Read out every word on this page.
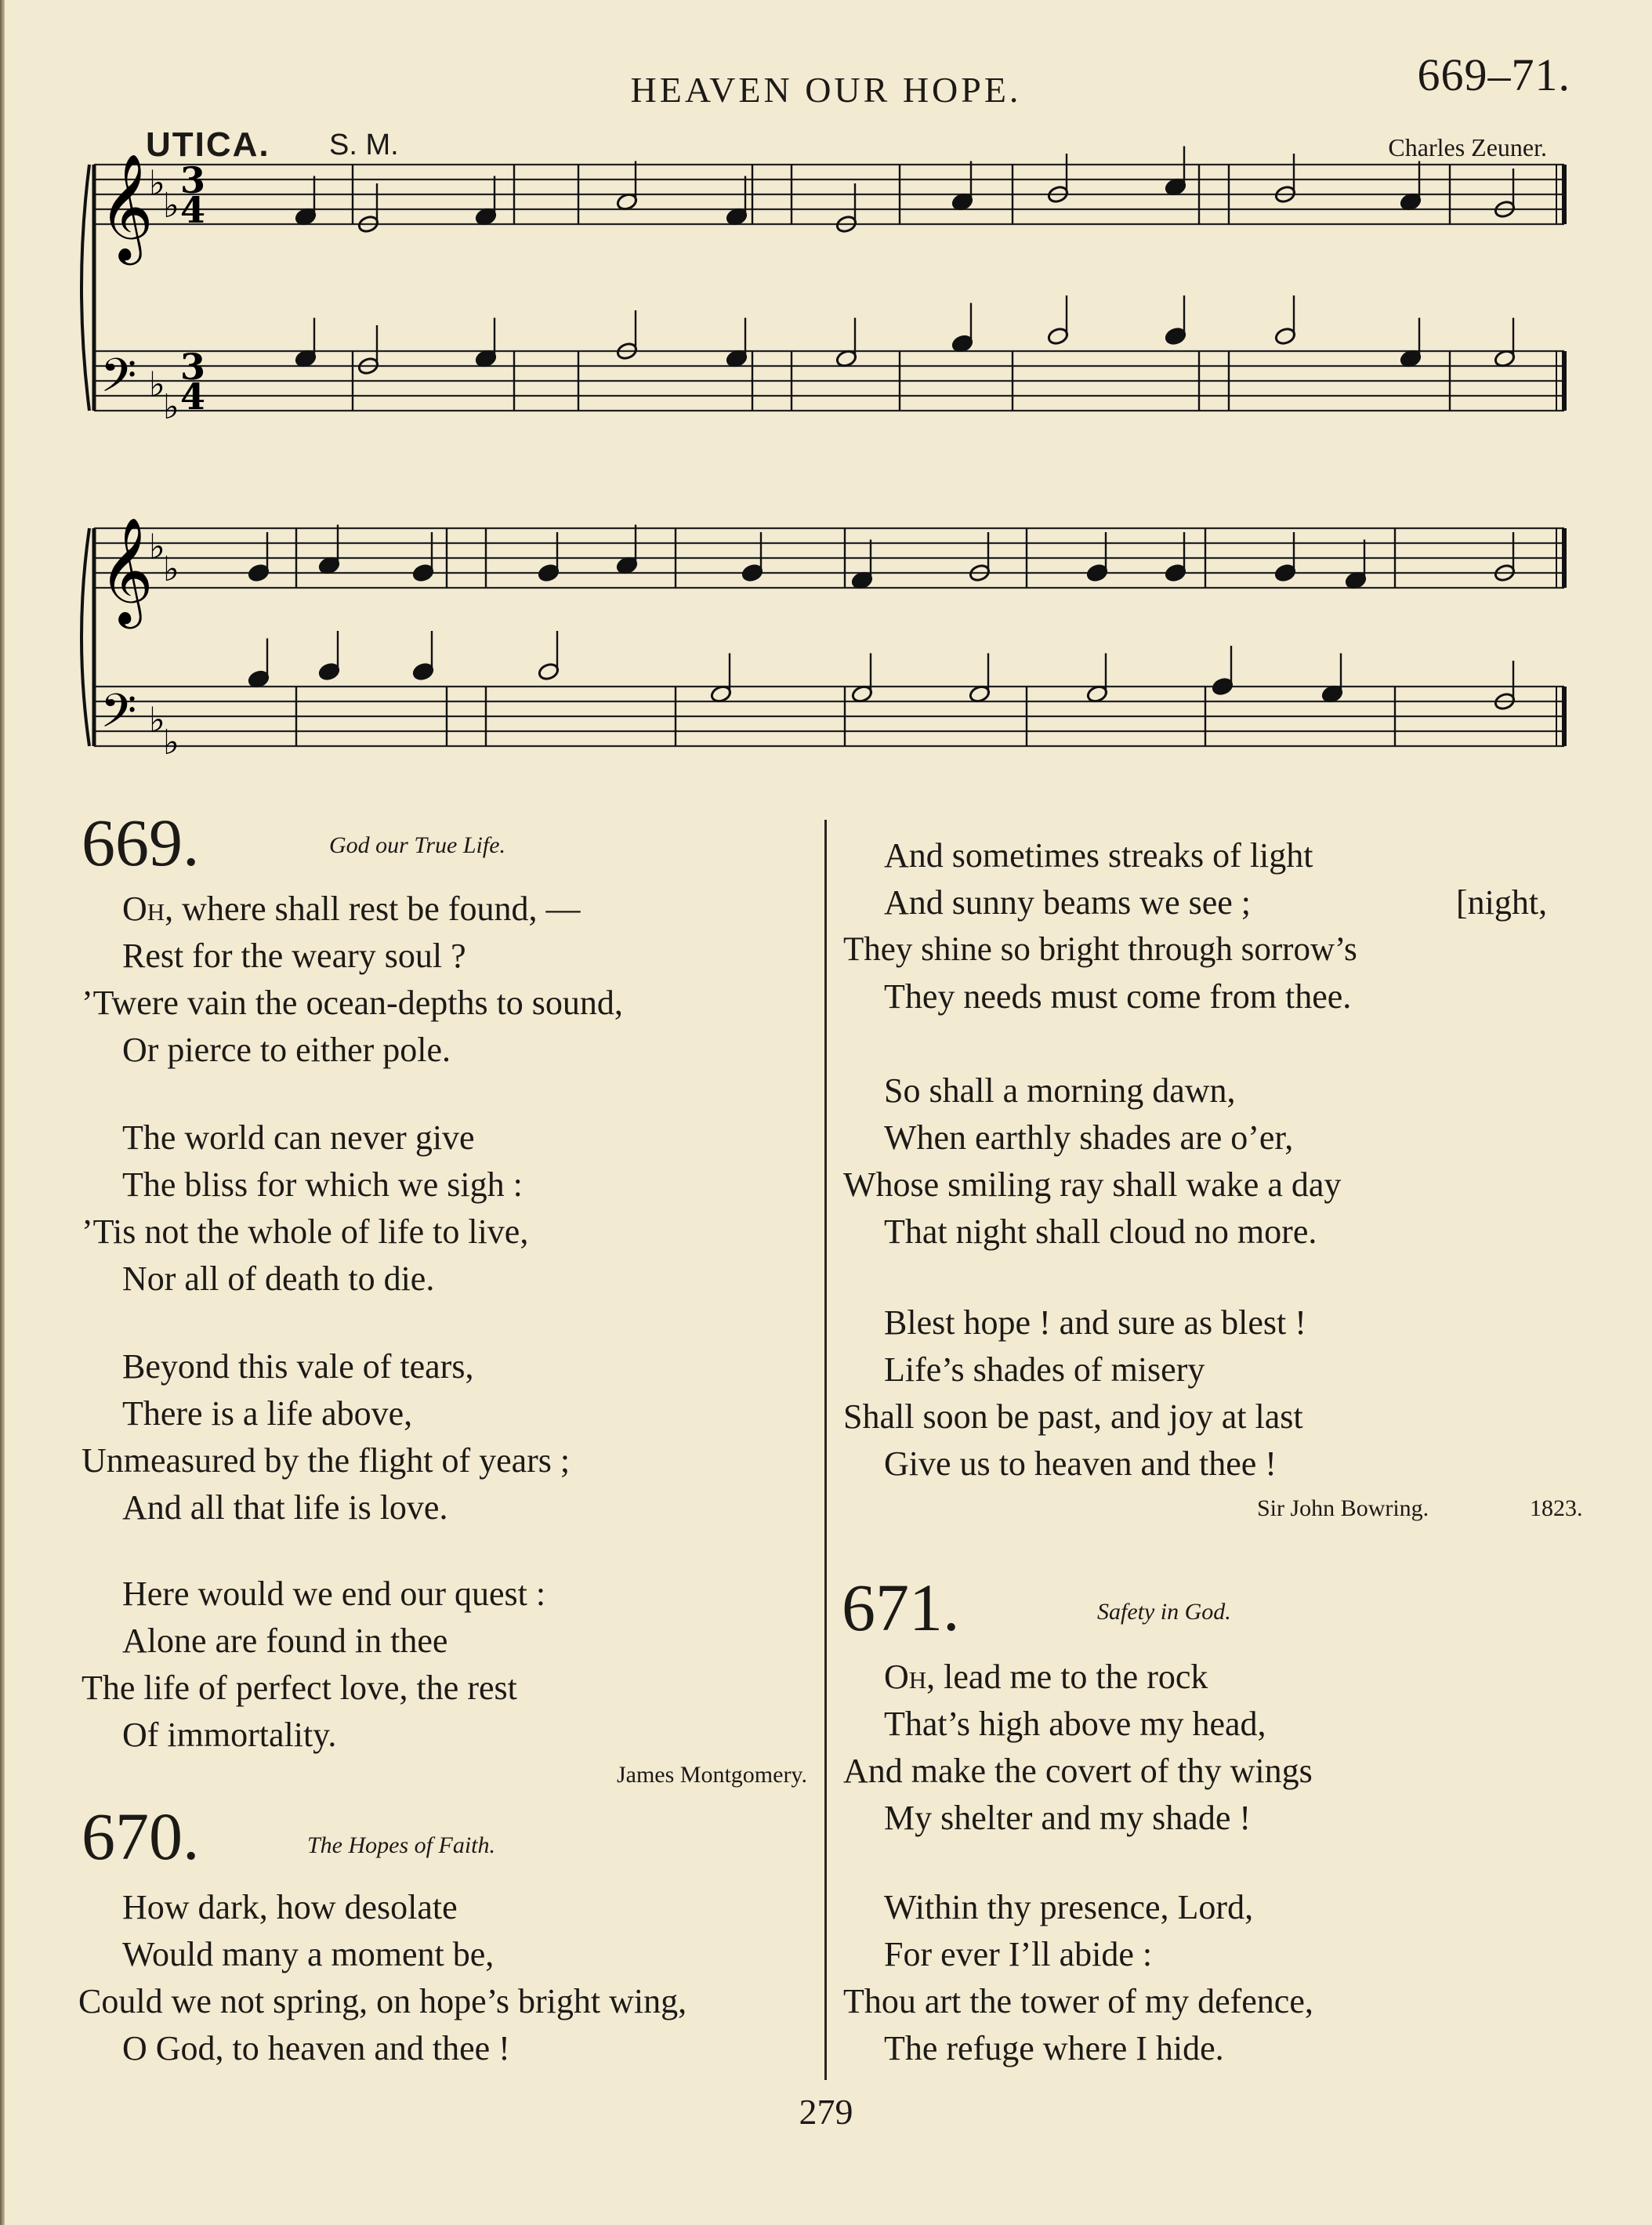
HEAVEN OUR HOPE.	669–71.
UTICA. S. M.	Charles Zeuner.
𝄞
𝄢
♭
♭
♭
♭
3
4
3
4
𝄞
𝄢
♭
♭
♭
♭
669.	God our True Life.
Oh, where shall rest be found, —
Rest for the weary soul ?
’Twere vain the ocean-depths to sound,
Or pierce to either pole.
The world can never give
The bliss for which we sigh :
’Tis not the whole of life to live,
Nor all of death to die.
Beyond this vale of tears,
There is a life above,
Unmeasured by the flight of years ;
And all that life is love.
Here would we end our quest :
Alone are found in thee
The life of perfect love, the rest
Of immortality.
James Montgomery.
670.	The Hopes of Faith.
How dark, how desolate
Would many a moment be,
Could we not spring, on hope’s bright wing,
O God, to heaven and thee !
And sometimes streaks of light
And sunny beams we see ;	[night,
They shine so bright through sorrow’s
They needs must come from thee.
So shall a morning dawn,
When earthly shades are o’er,
Whose smiling ray shall wake a day
That night shall cloud no more.
Blest hope ! and sure as blest !
Life’s shades of misery
Shall soon be past, and joy at last
Give us to heaven and thee !
Sir John Bowring.	1823.
671.	Safety in God.
Oh, lead me to the rock
That’s high above my head,
And make the covert of thy wings
My shelter and my shade !
Within thy presence, Lord,
For ever I’ll abide :
Thou art the tower of my defence,
The refuge where I hide.
279
